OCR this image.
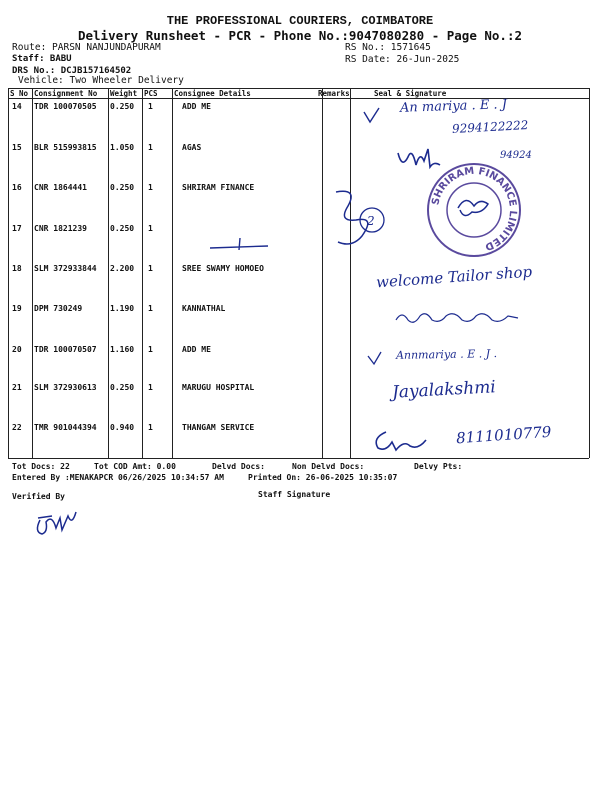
THE PROFESSIONAL COURIERS, COIMBATORE
Delivery Runsheet - PCR - Phone No.:9047080280 - Page No.:2
Route: PARSN NANJUNDAPURAM
Staff: BABU
DRS No.: DCJB157164502
Vehicle: Two Wheeler Delivery
RS No.: 1571645
RS Date: 26-Jun-2025
S No Consignment No Weight PCS Consignee Details	Remarks	Seal & Signature
14 TDR 100070505 0.250 1	ADD ME
15 BLR 515993815 1.050 1	AGAS
16 CNR 1864441	0.250 1	SHRIRAM FINANCE
17 CNR 1821239	0.250 1
18 SLM 372933844 2.200 1	SREE SWAMY HOMOEO
19 DPM 730249	1.190 1	KANNATHAL
20 TDR 100070507 1.160 1	ADD ME
21 SLM 372930613 0.250 1	MARUGU HOSPITAL
22 TMR 901044394 0.940 1	THANGAM SERVICE
An mariya . E . J
9294122222
94924
SHRIRAM FINANCE LIMITED
2
welcome Tailor shop
Annmariya . E . J .
Jayalakshmi
8111010779
Tot Docs: 22	Tot COD Amt: 0.00	Delvd Docs:	Non Delvd Docs:	Delvy Pts:
Entered By :MENAKAPCR 06/26/2025 10:34:57 AM	Printed On: 26-06-2025 10:35:07
Verified By	Staff Signature
